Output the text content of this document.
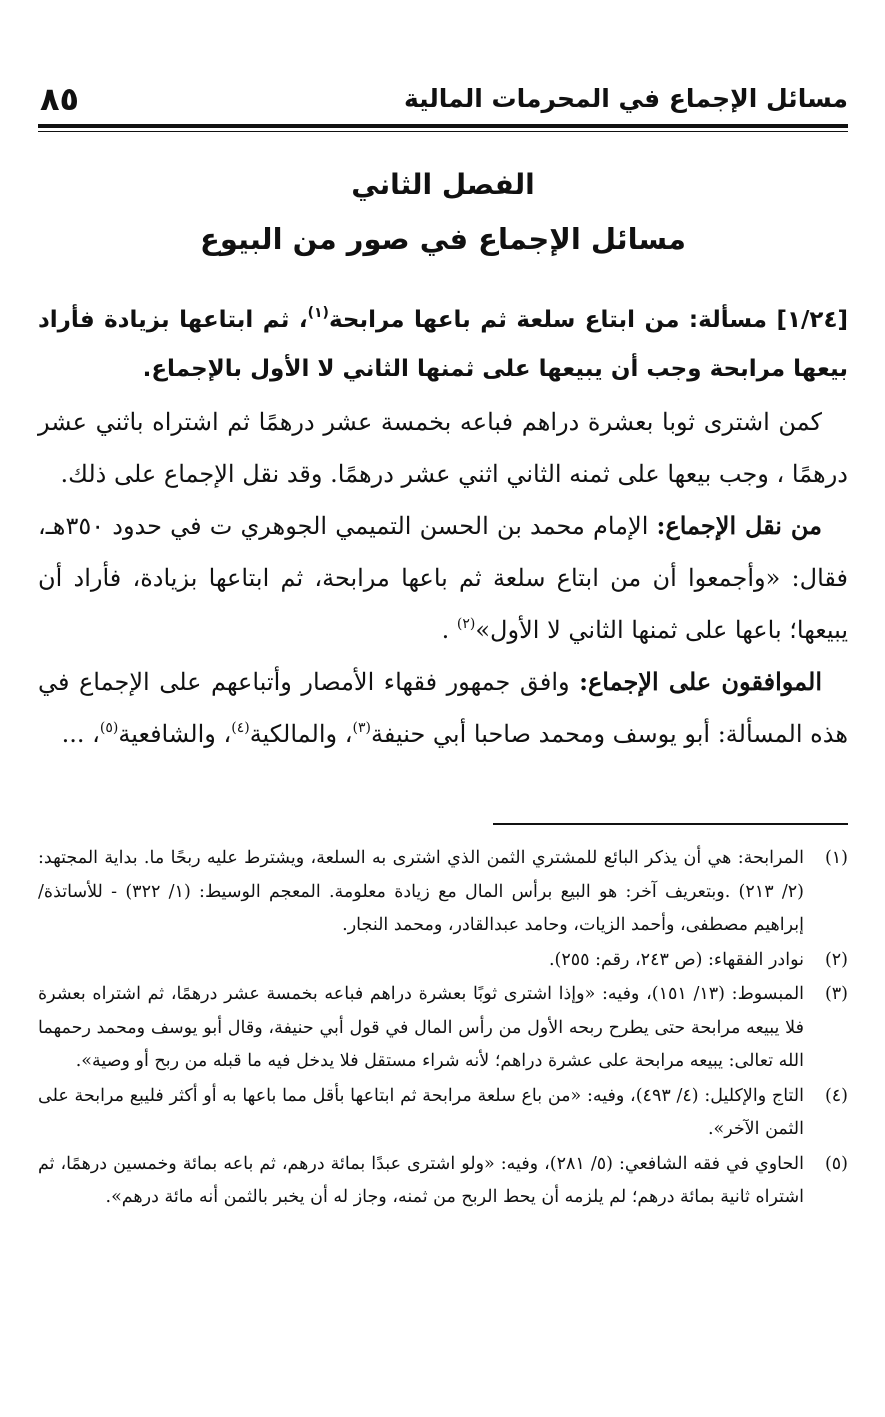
مسائل الإجماع في المحرمات المالية
٨٥
الفصل الثاني
مسائل الإجماع في صور من البيوع

[١/٢٤] مسألة: من ابتاع سلعة ثم باعها مرابحة$^{(١)}$، ثم ابتاعها بزيادة فأراد بيعها مرابحة وجب أن يبيعها على ثمنها الثاني لا الأول بالإجماع.

كمن اشترى ثوبا بعشرة دراهم فباعه بخمسة عشر درهمًا ثم اشتراه باثني عشر درهمًا ، وجب بيعها على ثمنه الثاني اثني عشر درهمًا. وقد نقل الإجماع على ذلك.

من نقل الإجماع: الإمام محمد بن الحسن التميمي الجوهري ت في حدود ٣٥٠هـ، فقال: «وأجمعوا أن من ابتاع سلعة ثم باعها مرابحة، ثم ابتاعها بزيادة، فأراد أن يبيعها؛ باعها على ثمنها الثاني لا الأول»$^{(٢)}$ .

الموافقون على الإجماع: وافق جمهور فقهاء الأمصار وأتباعهم على الإجماع في هذه المسألة: أبو يوسف ومحمد صاحبا أبي حنيفة$^{(٣)}$، والمالكية$^{(٤)}$، والشافعية$^{(٥)}$، ...

(١)
المرابحة: هي أن يذكر البائع للمشتري الثمن الذي اشترى به السلعة، ويشترط عليه ربحًا ما. بداية المجتهد: (٢/ ٢١٣) .وبتعريف آخر: هو البيع برأس المال مع زيادة معلومة. المعجم الوسيط: (١/ ٣٢٢) - للأساتذة/ إبراهيم مصطفى، وأحمد الزيات، وحامد عبدالقادر، ومحمد النجار.
(٢)
نوادر الفقهاء: (ص ٢٤٣، رقم: ٢٥٥).
(٣)
المبسوط: (١٣/ ١٥١)، وفيه: «وإذا اشترى ثوبًا بعشرة دراهم فباعه بخمسة عشر درهمًا، ثم اشتراه بعشرة فلا يبيعه مرابحة حتى يطرح ربحه الأول من رأس المال في قول أبي حنيفة، وقال أبو يوسف ومحمد رحمهما الله تعالى: يبيعه مرابحة على عشرة دراهم؛ لأنه شراء مستقل فلا يدخل فيه ما قبله من ربح أو وصية».
(٤)
التاج والإكليل: (٤/ ٤٩٣)، وفيه: «من باع سلعة مرابحة ثم ابتاعها بأقل مما باعها به أو أكثر فليبع مرابحة على الثمن الآخر».
(٥)
الحاوي في فقه الشافعي: (٥/ ٢٨١)، وفيه: «ولو اشترى عبدًا بمائة درهم، ثم باعه بمائة وخمسين درهمًا، ثم اشتراه ثانية بمائة درهم؛ لم يلزمه أن يحط الربح من ثمنه، وجاز له أن يخبر بالثمن أنه مائة درهم».
